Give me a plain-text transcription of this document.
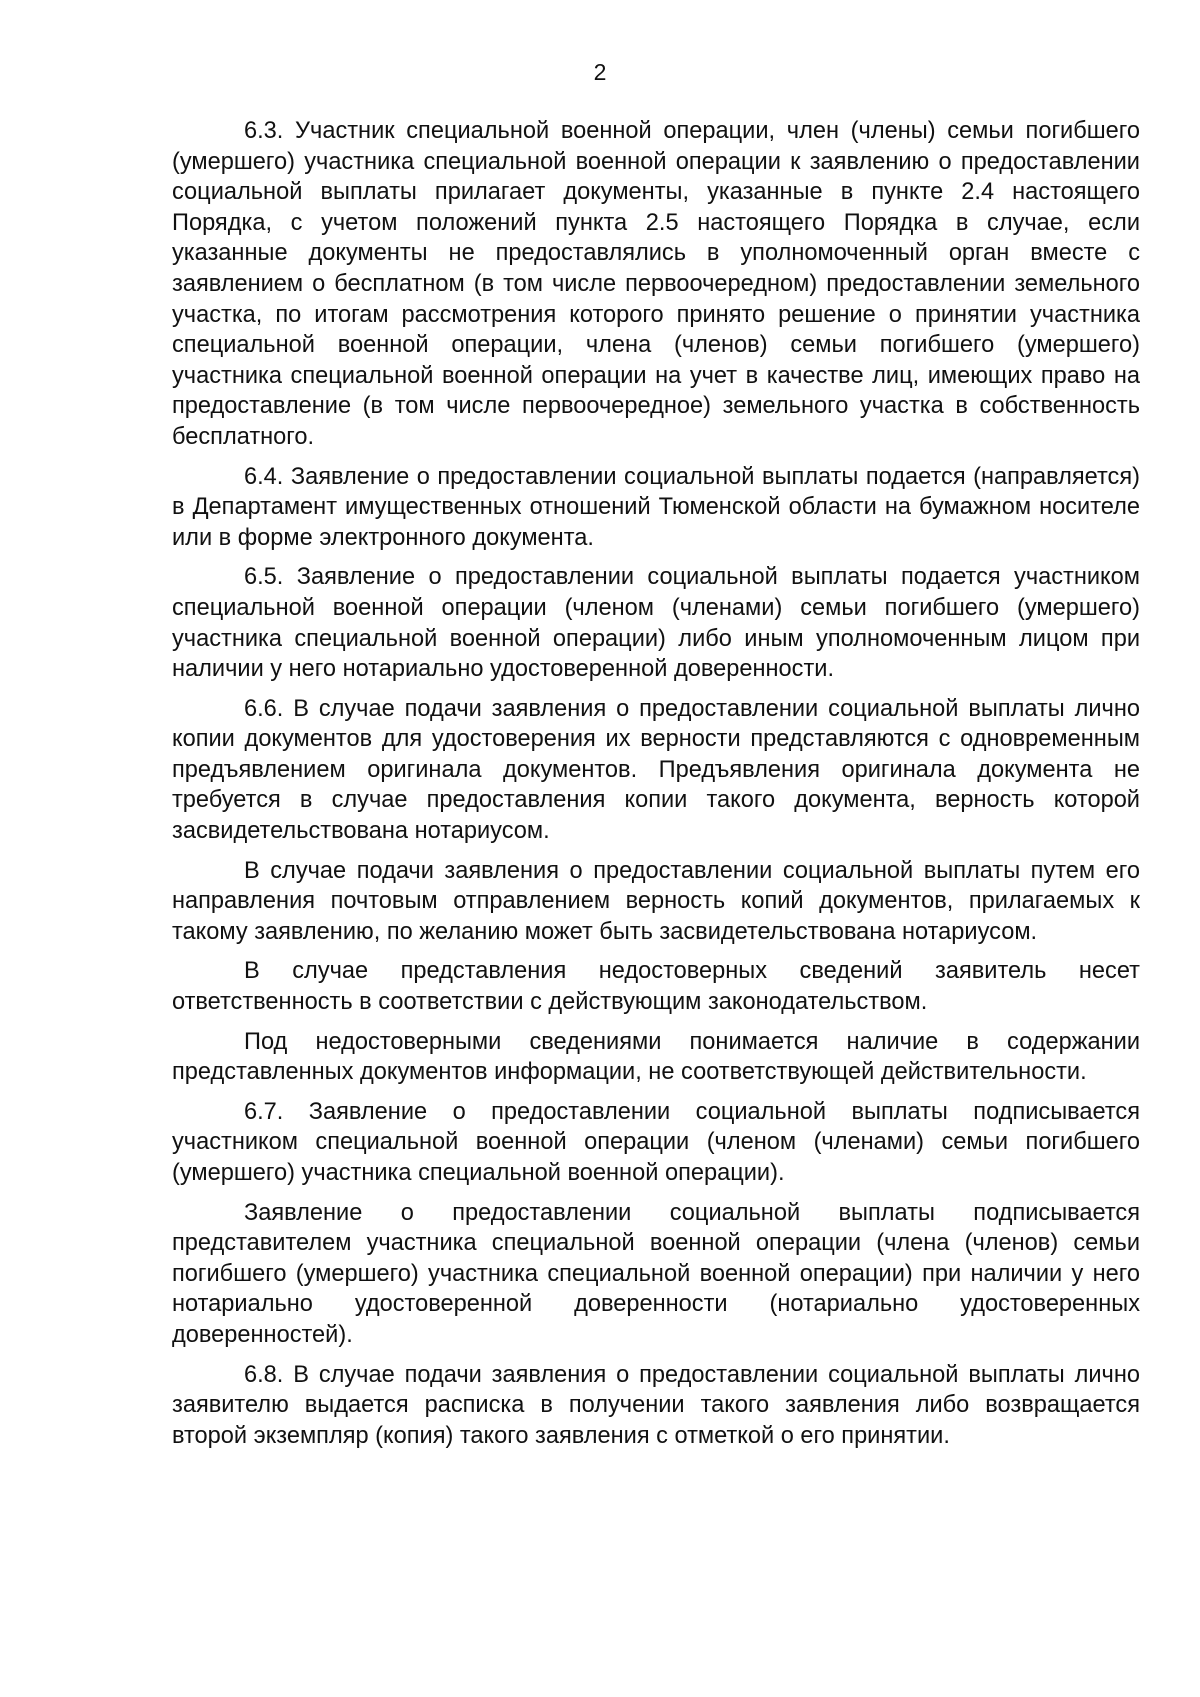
2

6.3. Участник специальной военной операции, член (члены) семьи погибшего (умершего) участника специальной военной операции к заявлению о предоставлении социальной выплаты прилагает документы, указанные в пункте 2.4 настоящего Порядка, с учетом положений пункта 2.5 настоящего Порядка в случае, если указанные документы не предоставлялись в уполномоченный орган вместе с заявлением о бесплатном (в том числе первоочередном) предоставлении земельного участка, по итогам рассмотрения которого принято решение о принятии участника специальной военной операции, члена (членов) семьи погибшего (умершего) участника специальной военной операции на учет в качестве лиц, имеющих право на предоставление (в том числе первоочередное) земельного участка в собственность бесплатного.

6.4. Заявление о предоставлении социальной выплаты подается (направляется) в Департамент имущественных отношений Тюменской области на бумажном носителе или в форме электронного документа.

6.5. Заявление о предоставлении социальной выплаты подается участником специальной военной операции (членом (членами) семьи погибшего (умершего) участника специальной военной операции) либо иным уполномоченным лицом при наличии у него нотариально удостоверенной доверенности.

6.6. В случае подачи заявления о предоставлении социальной выплаты лично копии документов для удостоверения их верности представляются с одновременным предъявлением оригинала документов. Предъявления оригинала документа не требуется в случае предоставления копии такого документа, верность которой засвидетельствована нотариусом.

В случае подачи заявления о предоставлении социальной выплаты путем его направления почтовым отправлением верность копий документов, прилагаемых к такому заявлению, по желанию может быть засвидетельствована нотариусом.

В случае представления недостоверных сведений заявитель несет ответственность в соответствии с действующим законодательством.

Под недостоверными сведениями понимается наличие в содержании представленных документов информации, не соответствующей действительности.

6.7. Заявление о предоставлении социальной выплаты подписывается участником специальной военной операции (членом (членами) семьи погибшего (умершего) участника специальной военной операции).

Заявление о предоставлении социальной выплаты подписывается представителем участника специальной военной операции (члена (членов) семьи погибшего (умершего) участника специальной военной операции) при наличии у него нотариально удостоверенной доверенности (нотариально удостоверенных доверенностей).

6.8. В случае подачи заявления о предоставлении социальной выплаты лично заявителю выдается расписка в получении такого заявления либо возвращается второй экземпляр (копия) такого заявления с отметкой о его принятии.
